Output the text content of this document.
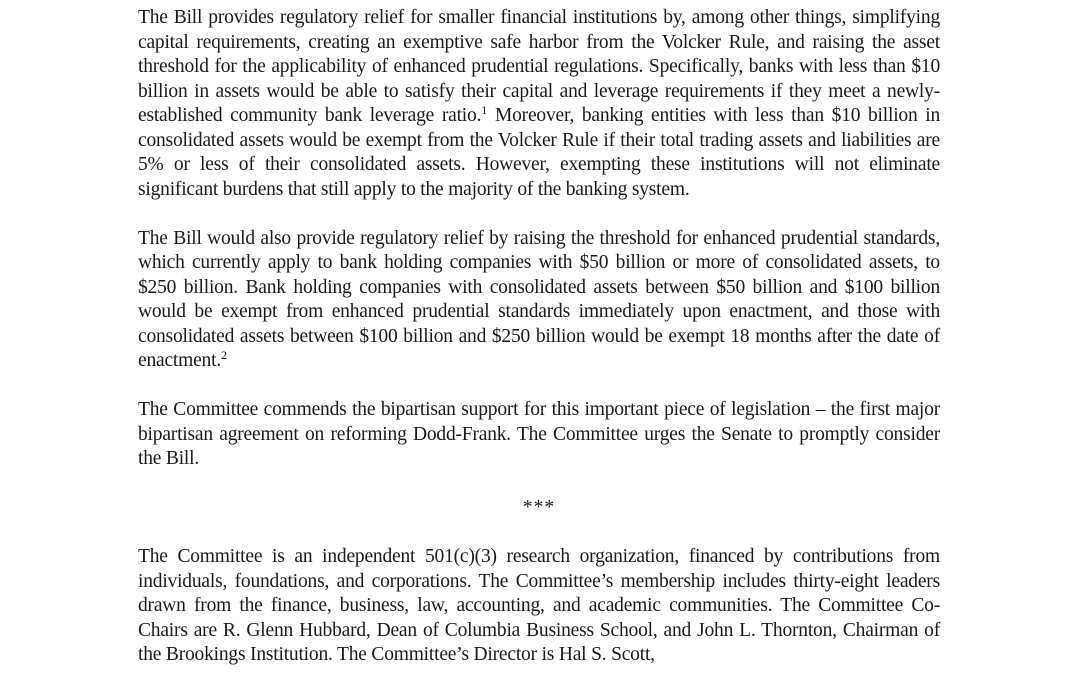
The Bill provides regulatory relief for smaller financial institutions by, among other things, simplifying capital requirements, creating an exemptive safe harbor from the Volcker Rule, and raising the asset threshold for the applicability of enhanced prudential regulations. Specifically, banks with less than $10 billion in assets would be able to satisfy their capital and leverage requirements if they meet a newly-established community bank leverage ratio.$^1$ Moreover, banking entities with less than $10 billion in consolidated assets would be exempt from the Volcker Rule if their total trading assets and liabilities are 5% or less of their consolidated assets. However, exempting these institutions will not eliminate significant burdens that still apply to the majority of the banking system.

The Bill would also provide regulatory relief by raising the threshold for enhanced prudential standards, which currently apply to bank holding companies with $50 billion or more of consolidated assets, to $250 billion. Bank holding companies with consolidated assets between $50 billion and $100 billion would be exempt from enhanced prudential standards immediately upon enactment, and those with consolidated assets between $100 billion and $250 billion would be exempt 18 months after the date of enactment.$^2$

The Committee commends the bipartisan support for this important piece of legislation – the first major bipartisan agreement on reforming Dodd-Frank. The Committee urges the Senate to promptly consider the Bill.

***

The Committee is an independent 501(c)(3) research organization, financed by contributions from individuals, foundations, and corporations. The Committee’s membership includes thirty-eight leaders drawn from the finance, business, law, accounting, and academic communities. The Committee Co-Chairs are R. Glenn Hubbard, Dean of Columbia Business School, and John L. Thornton, Chairman of the Brookings Institution. The Committee’s Director is Hal S. Scott,
